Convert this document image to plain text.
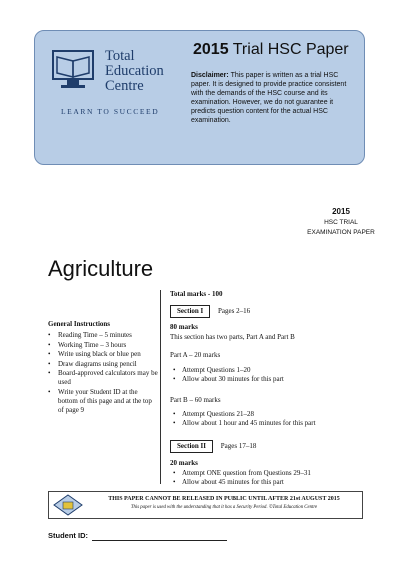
Total
Education
Centre
LEARN TO SUCCEED
2015 Trial HSC Paper
Disclaimer: This paper is written as a trial HSC paper. It is designed to provide practice consistent with the demands of the HSC course and its examination. However, we do not guarantee it predicts question content for the actual HSC examination.
2015
HSC TRIAL
EXAMINATION PAPER
Agriculture
General Instructions
• Reading Time – 5 minutes
• Working Time – 3 hours
• Write using black or blue pen
• Draw diagrams using pencil
• Board-approved calculators may be used
• Write your Student ID at the bottom of this page and at the top of page 9
Total marks - 100
Section I Pages 2–16
80 marks
This section has two parts, Part A and Part B
Part A – 20 marks
• Attempt Questions 1–20
• Allow about 30 minutes for this part
Part B – 60 marks
• Attempt Questions 21–28
• Allow about 1 hour and 45 minutes for this part
Section II Pages 17–18
20 marks
• Attempt ONE question from Questions 29–31
• Allow about 45 minutes for this part
THIS PAPER CANNOT BE RELEASED IN PUBLIC UNTIL AFTER 21st AUGUST 2015
This paper is used with the understanding that it has a Security Period. ©Total Education Centre
Student ID:
